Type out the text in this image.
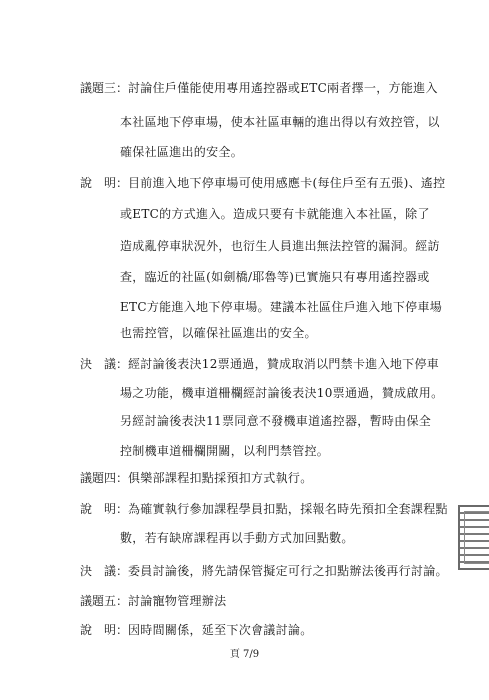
議題三： 討論住戶僅能使用專用遙控器或ETC兩者擇一，方能進入
本社區地下停車場，使本社區車輛的進出得以有效控管，以
確保社區進出的安全。
說　明： 目前進入地下停車場可使用感應卡(每住戶至有五張)、遙控
或ETC的方式進入。造成只要有卡就能進入本社區，除了
造成亂停車狀況外，也衍生人員進出無法控管的漏洞。經訪
查，臨近的社區(如劍橋/耶魯等)已實施只有專用遙控器或
ETC方能進入地下停車場。建議本社區住戶進入地下停車場
也需控管，以確保社區進出的安全。
決　議： 經討論後表決12票通過，贊成取消以門禁卡進入地下停車
場之功能，機車道柵欄經討論後表決10票通過，贊成啟用。
另經討論後表決11票同意不發機車道遙控器，暫時由保全
控制機車道柵欄開關，以利門禁管控。
議題四： 俱樂部課程扣點採預扣方式執行。
說　明： 為確實執行參加課程學員扣點，採報名時先預扣全套課程點
數，若有缺席課程再以手動方式加回點數。
決　議： 委員討論後，將先請保管擬定可行之扣點辦法後再行討論。
議題五： 討論寵物管理辦法
說　明： 因時間關係，延至下次會議討論。
頁 7/9
